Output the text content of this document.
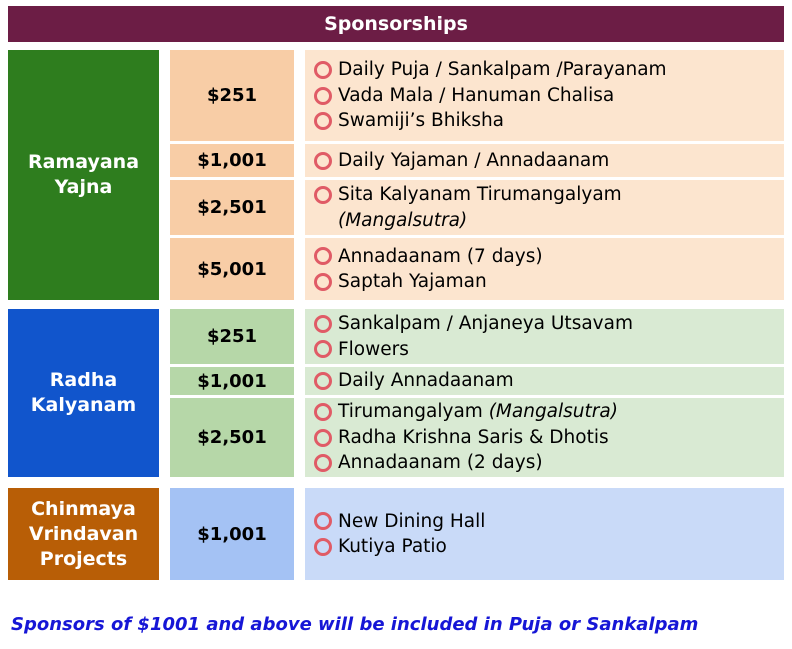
Sponsorships
Ramayana
Yajna
$251
Daily Puja / Sankalpam /Parayanam
Vada Mala / Hanuman Chalisa
Swamiji’s Bhiksha
$1,001	Daily Yajaman / Annadaanam
$2,501
Sita Kalyanam Tirumangalyam
(Mangalsutra)
$5,001
Annadaanam (7 days)
Saptah Yajaman
Radha
Kalyanam
$251
Sankalpam / Anjaneya Utsavam
Flowers
$1,001	Daily Annadaanam
$2,501
Tirumangalyam
(Mangalsutra)
Radha Krishna Saris & Dhotis
Annadaanam (2 days)
Chinmaya
Vrindavan
Projects
$1,001
New Dining Hall
Kutiya Patio
Sponsors of $1001 and above will be included in Puja or Sankalpam
